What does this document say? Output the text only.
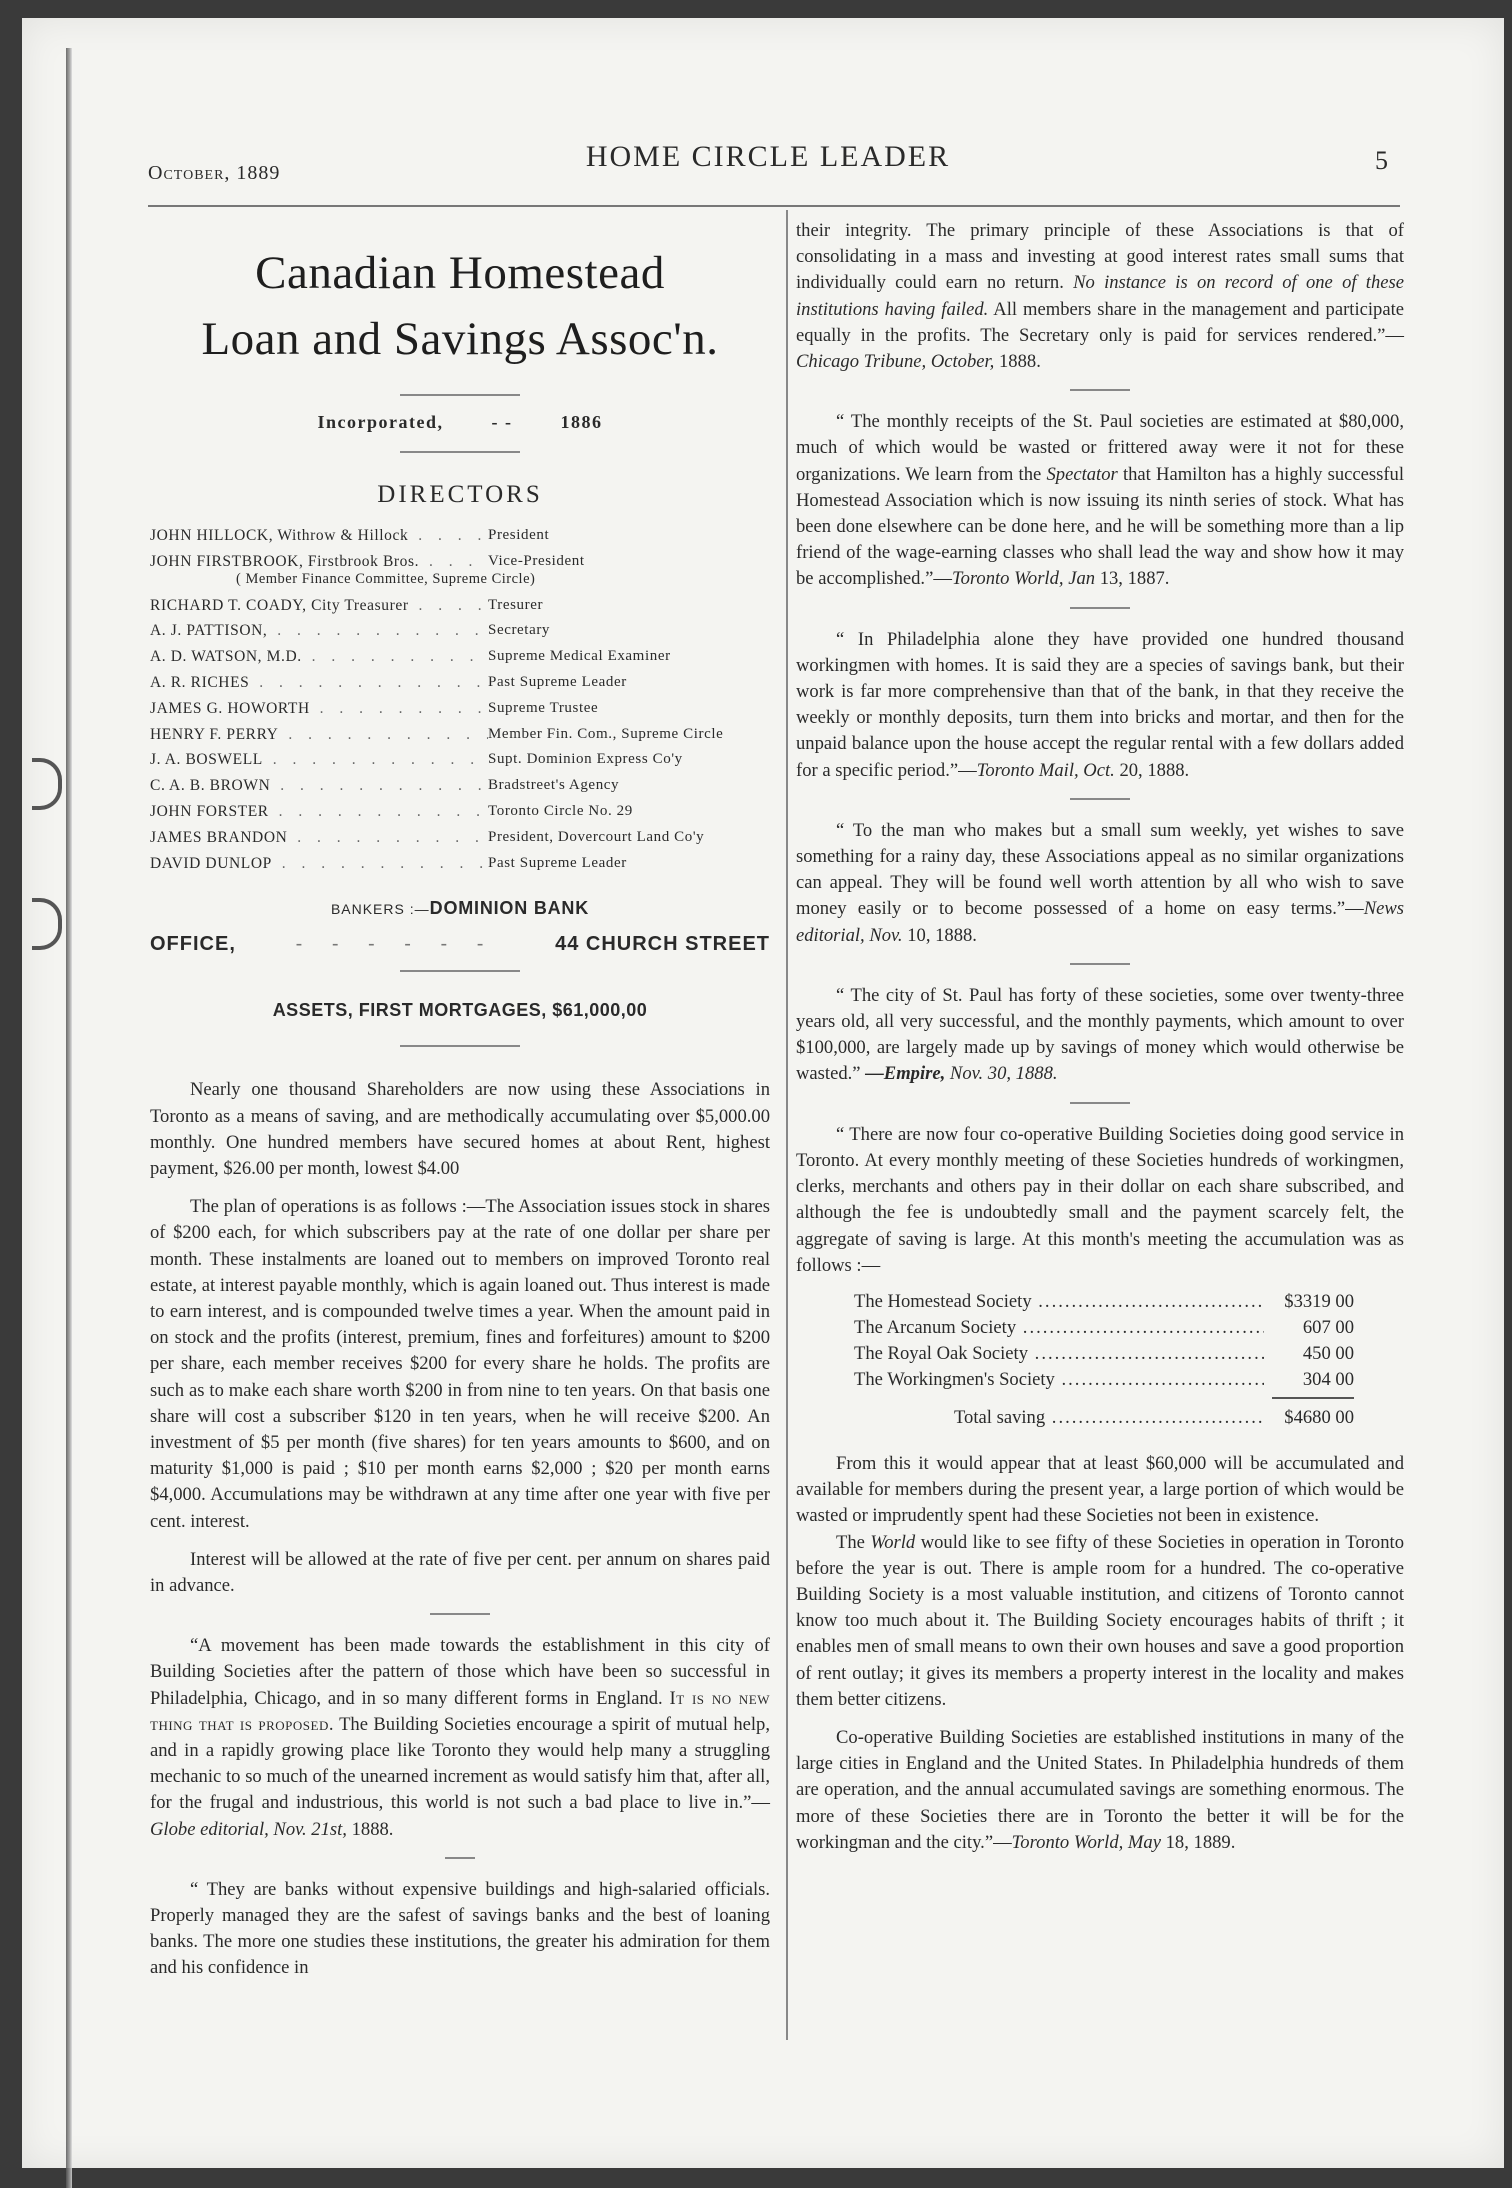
October, 1889	HOME CIRCLE LEADER	5
Canadian Homestead
Loan and Savings Assoc'n.
Incorporated,	- -	1886
DIRECTORS
JOHN HILLOCK, Withrow & Hillock . . .	President
JOHN FIRSTBROOK, Firstbrook Bros. . . .	Vice-President
( Member Finance Committee, Supreme Circle)
RICHARD T. COADY, City Treasurer . . .	Tresurer
A. J. PATTISON, . . .	Secretary
A. D. WATSON, M.D. . . .	Supreme Medical Examiner
A. R. RICHES . . .	Past Supreme Leader
JAMES G. HOWORTH . . .	Supreme Trustee
HENRY F. PERRY . . .	Member Fin. Com., Supreme Circle
J. A. BOSWELL . . .	Supt. Dominion Express Co'y
C. A. B. BROWN . . .	Bradstreet's Agency
JOHN FORSTER . . .	Toronto Circle No. 29
JAMES BRANDON . . .	President, Dovercourt Land Co'y
DAVID DUNLOP . . .	Past Supreme Leader
BANKERS :—DOMINION BANK
OFFICE,	- - - - - -	44 CHURCH STREET
ASSETS, FIRST MORTGAGES, $61,000,00

Nearly one thousand Shareholders are now using these Associations in Toronto as a means of saving, and are methodically accumulating over $5,000.00 monthly. One hundred members have secured homes at about Rent, highest payment, $26.00 per month, lowest $4.00

The plan of operations is as follows :—The Association issues stock in shares of $200 each, for which subscribers pay at the rate of one dollar per share per month. These instalments are loaned out to members on improved Toronto real estate, at interest payable monthly, which is again loaned out. Thus interest is made to earn interest, and is compounded twelve times a year. When the amount paid in on stock and the profits (interest, premium, fines and forfeitures) amount to $200 per share, each member receives $200 for every share he holds. The profits are such as to make each share worth $200 in from nine to ten years. On that basis one share will cost a subscriber $120 in ten years, when he will receive $200. An investment of $5 per month (five shares) for ten years amounts to $600, and on maturity $1,000 is paid ; $10 per month earns $2,000 ; $20 per month earns $4,000. Accumulations may be withdrawn at any time after one year with five per cent. interest.

Interest will be allowed at the rate of five per cent. per annum on shares paid in advance.

“A movement has been made towards the establishment in this city of Building Societies after the pattern of those which have been so successful in Philadelphia, Chicago, and in so many different forms in England. It is no new thing that is proposed. The Building Societies encourage a spirit of mutual help, and in a rapidly growing place like Toronto they would help many a struggling mechanic to so much of the unearned increment as would satisfy him that, after all, for the frugal and industrious, this world is not such a bad place to live in.”—Globe editorial, Nov. 21st, 1888.

“ They are banks without expensive buildings and high-salaried officials. Properly managed they are the safest of savings banks and the best of loaning banks. The more one studies these institutions, the greater his admiration for them and his confidence in

their integrity. The primary principle of these Associations is that of consolidating in a mass and investing at good interest rates small sums that individually could earn no return. No instance is on record of one of these institutions having failed. All members share in the management and participate equally in the profits. The Secretary only is paid for services rendered.”—Chicago Tribune, October, 1888.

“ The monthly receipts of the St. Paul societies are estimated at $80,000, much of which would be wasted or frittered away were it not for these organizations. We learn from the Spectator that Hamilton has a highly successful Homestead Association which is now issuing its ninth series of stock. What has been done elsewhere can be done here, and he will be something more than a lip friend of the wage-earning classes who shall lead the way and show how it may be accomplished.”—Toronto World, Jan 13, 1887.

“ In Philadelphia alone they have provided one hundred thousand workingmen with homes. It is said they are a species of savings bank, but their work is far more comprehensive than that of the bank, in that they receive the weekly or monthly deposits, turn them into bricks and mortar, and then for the unpaid balance upon the house accept the regular rental with a few dollars added for a specific period.”—Toronto Mail, Oct. 20, 1888.

“ To the man who makes but a small sum weekly, yet wishes to save something for a rainy day, these Associations appeal as no similar organizations can appeal. They will be found well worth attention by all who wish to save money easily or to become possessed of a home on easy terms.”—News editorial, Nov. 10, 1888.

“ The city of St. Paul has forty of these societies, some over twenty-three years old, all very successful, and the monthly payments, which amount to over $100,000, are largely made up by savings of money which would otherwise be wasted.” —Empire, Nov. 30, 1888.

“ There are now four co-operative Building Societies doing good service in Toronto. At every monthly meeting of these Societies hundreds of workingmen, clerks, merchants and others pay in their dollar on each share subscribed, and although the fee is undoubtedly small and the payment scarcely felt, the aggregate of saving is large. At this month's meeting the accumulation was as follows :—

The Homestead Society .....	$3319 00
The Arcanum Society .....	607 00
The Royal Oak Society .....	450 00
The Workingmen's Society .....	304 00
Total saving .....	$4680 00

From this it would appear that at least $60,000 will be accumulated and available for members during the present year, a large portion of which would be wasted or imprudently spent had these Societies not been in existence.

The World would like to see fifty of these Societies in operation in Toronto before the year is out. There is ample room for a hundred. The co-operative Building Society is a most valuable institution, and citizens of Toronto cannot know too much about it. The Building Society encourages habits of thrift ; it enables men of small means to own their own houses and save a good proportion of rent outlay; it gives its members a property interest in the locality and makes them better citizens.

Co-operative Building Societies are established institutions in many of the large cities in England and the United States. In Philadelphia hundreds of them are operation, and the annual accumulated savings are something enormous. The more of these Societies there are in Toronto the better it will be for the workingman and the city.”—Toronto World, May 18, 1889.
